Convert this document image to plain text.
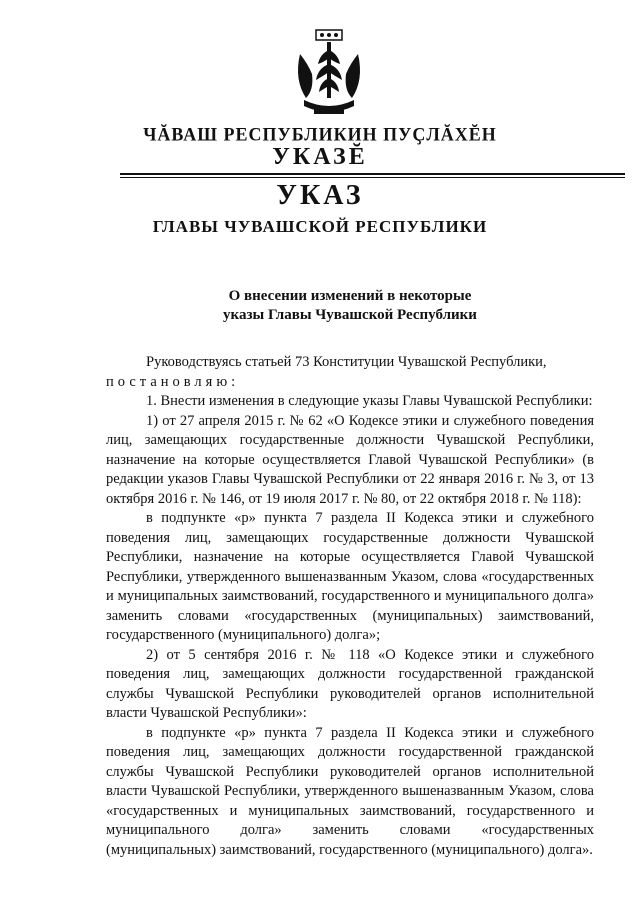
ЧĂВАШ РЕСПУБЛИКИН ПУҪЛĂХĔН
УКАЗĔ
УКАЗ
ГЛАВЫ ЧУВАШСКОЙ РЕСПУБЛИКИ
О внесении изменений в некоторые
указы Главы Чувашской Республики

Руководствуясь статьей 73 Конституции Чувашской Республики,
постановляю:

1. Внести изменения в следующие указы Главы Чувашской Республики:

1) от 27 апреля 2015 г. № 62 «О Кодексе этики и служебного поведения лиц, замещающих государственные должности Чувашской Республики, назначение на которые осуществляется Главой Чувашской Республики» (в редакции указов Главы Чувашской Республики от 22 января 2016 г. № 3, от 13 октября 2016 г. № 146, от 19 июля 2017 г. № 80, от 22 октября 2018 г. № 118):

в подпункте «р» пункта 7 раздела II Кодекса этики и служебного поведения лиц, замещающих государственные должности Чувашской Республики, назначение на которые осуществляется Главой Чувашской Республики, утвержденного вышеназванным Указом, слова «государственных и муниципальных заимствований, государственного и муниципального долга» заменить словами «государственных (муниципальных) заимствований, государственного (муниципального) долга»;

2) от 5 сентября 2016 г. № 118 «О Кодексе этики и служебного поведения лиц, замещающих должности государственной гражданской службы Чувашской Республики руководителей органов исполнительной власти Чувашской Республики»:

в подпункте «р» пункта 7 раздела II Кодекса этики и служебного поведения лиц, замещающих должности государственной гражданской службы Чувашской Республики руководителей органов исполнительной власти Чувашской Республики, утвержденного вышеназванным Указом, слова «государственных и муниципальных заимствований, государственного и муниципального долга» заменить словами «государственных (муниципальных) заимствований, государственного (муниципального) долга».
